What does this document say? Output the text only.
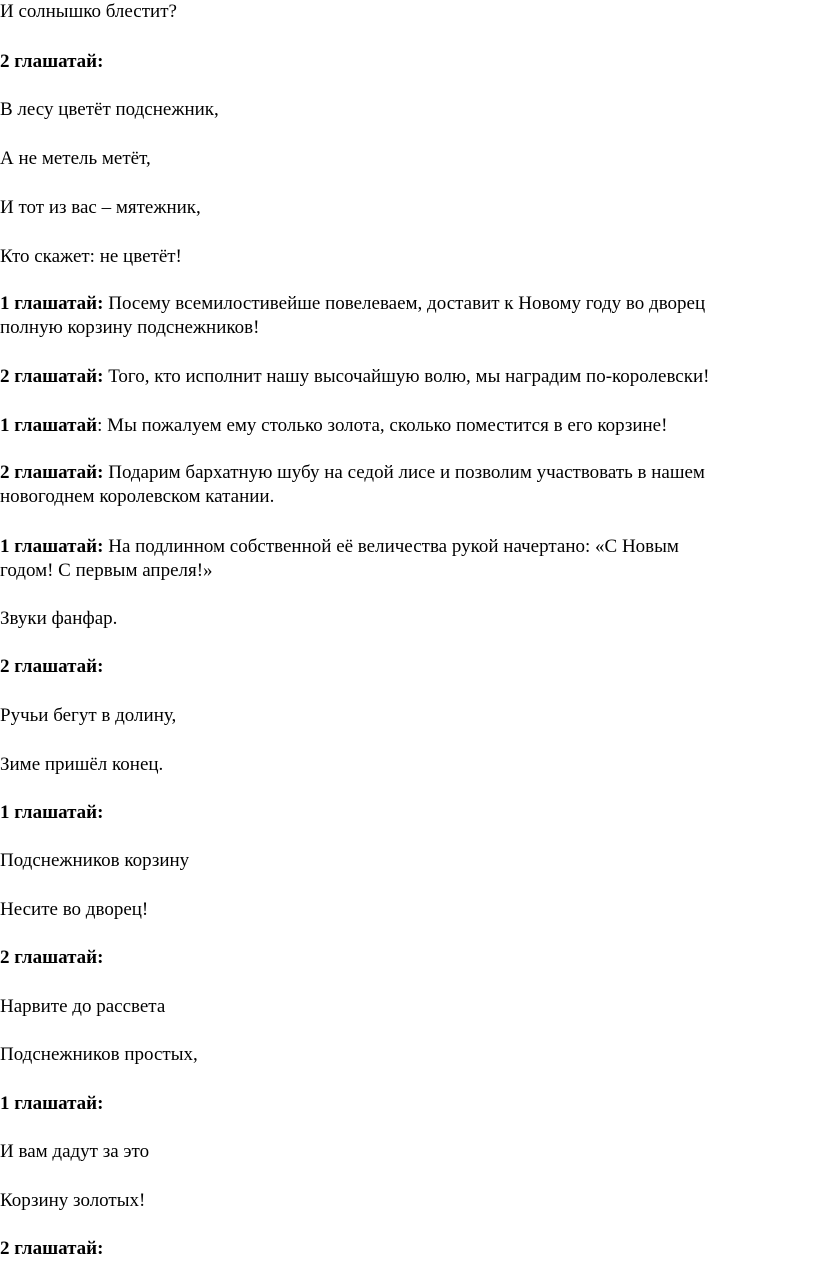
И солнышко блестит?
2 глашатай:
В лесу цветёт подснежник,
А не метель метёт,
И тот из вас – мятежник,
Кто скажет: не цветёт!
1 глашатай: Посему всемилостивейше повелеваем, доставит к Новому году во дворец
полную корзину подснежников!
2 глашатай: Того, кто исполнит нашу высочайшую волю, мы наградим по-королевски!
1 глашатай: Мы пожалуем ему столько золота, сколько поместится в его корзине!
2 глашатай: Подарим бархатную шубу на седой лисе и позволим участвовать в нашем
новогоднем королевском катании.
1 глашатай: На подлинном собственной её величества рукой начертано: «С Новым
годом! С первым апреля!»
Звуки фанфар.
2 глашатай:
Ручьи бегут в долину,
Зиме пришёл конец.
1 глашатай:
Подснежников корзину
Несите во дворец!
2 глашатай:
Нарвите до рассвета
Подснежников простых,
1 глашатай:
И вам дадут за это
Корзину золотых!
2 глашатай:
